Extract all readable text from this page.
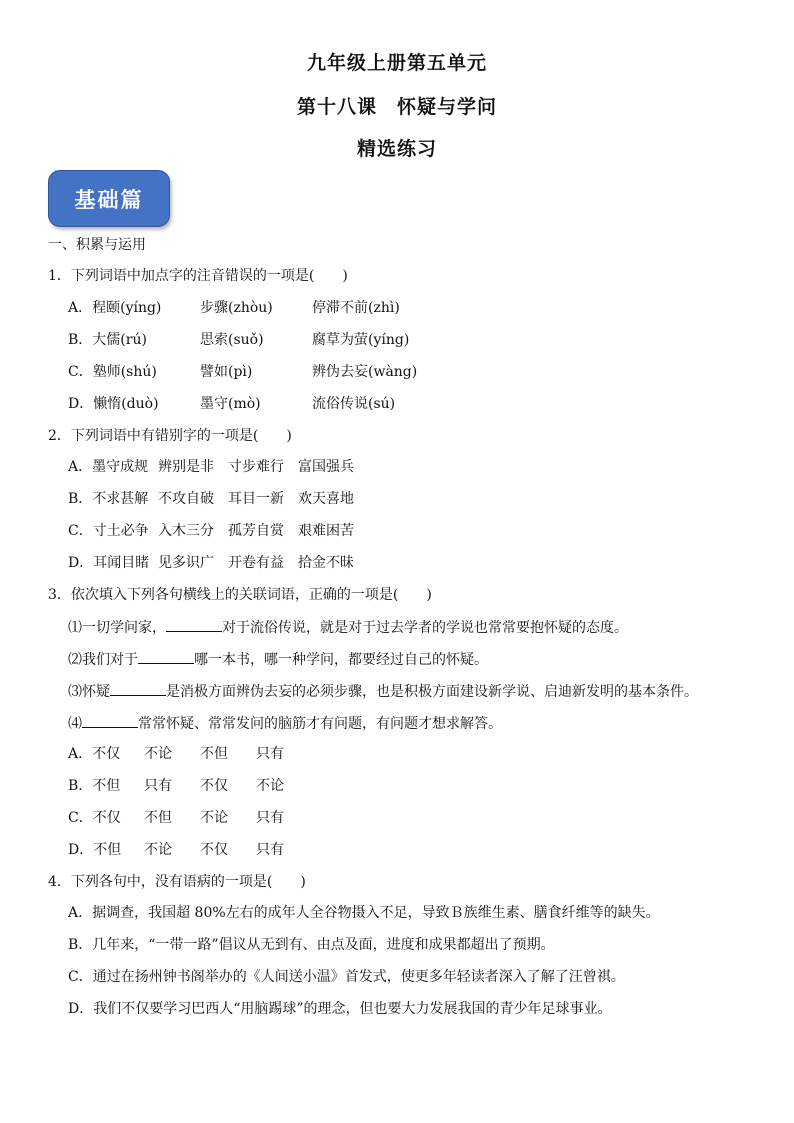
九年级上册第五单元
第十八课　怀疑与学问
精选练习
基础篇
一、积累与运用
1．下列词语中加点字的注音错误的一项是(　　)
A．程颐(yíng)	步骤(zhòu)	停滞不前(zhì)
B．大儒(rú)	思索(suǒ)	腐草为萤(yíng)
C．塾师(shú)	譬如(pì)	辨伪去妄(wàng)
D．懒惰(duò)	墨守(mò)	流俗传说(sú)
2．下列词语中有错别字的一项是(　　)
A．墨守成规 辨别是非 寸步难行 富国强兵
B．不求甚解 不攻自破 耳目一新 欢天喜地
C．寸土必争 入木三分 孤芳自赏 艰难困苦
D．耳闻目睹 见多识广 开卷有益 拾金不昧
3．依次填入下列各句横线上的关联词语，正确的一项是(　　)
⑴一切学问家，	对于流俗传说，就是对于过去学者的学说也常常要抱怀疑的态度。
⑵我们对于	哪一本书，哪一种学问，都要经过自己的怀疑。
⑶怀疑	是消极方面辨伪去妄的必须步骤，也是积极方面建设新学说、启迪新发明的基本条件。
⑷	常常怀疑、常常发问的脑筋才有问题，有问题才想求解答。
A．不仅 不论 不但 只有
B．不但 只有 不仅 不论
C．不仅 不但 不论 只有
D．不但 不论 不仅 只有
4．下列各句中，没有语病的一项是(　　)
A．据调查，我国超 80%左右的成年人全谷物摄入不足，导致Ｂ族维生素、膳食纤维等的缺失。
B．几年来，“一带一路”倡议从无到有、由点及面，进度和成果都超出了预期。
C．通过在扬州钟书阁举办的《人间送小温》首发式，使更多年轻读者深入了解了汪曾祺。
D．我们不仅要学习巴西人“用脑踢球”的理念，但也要大力发展我国的青少年足球事业。
